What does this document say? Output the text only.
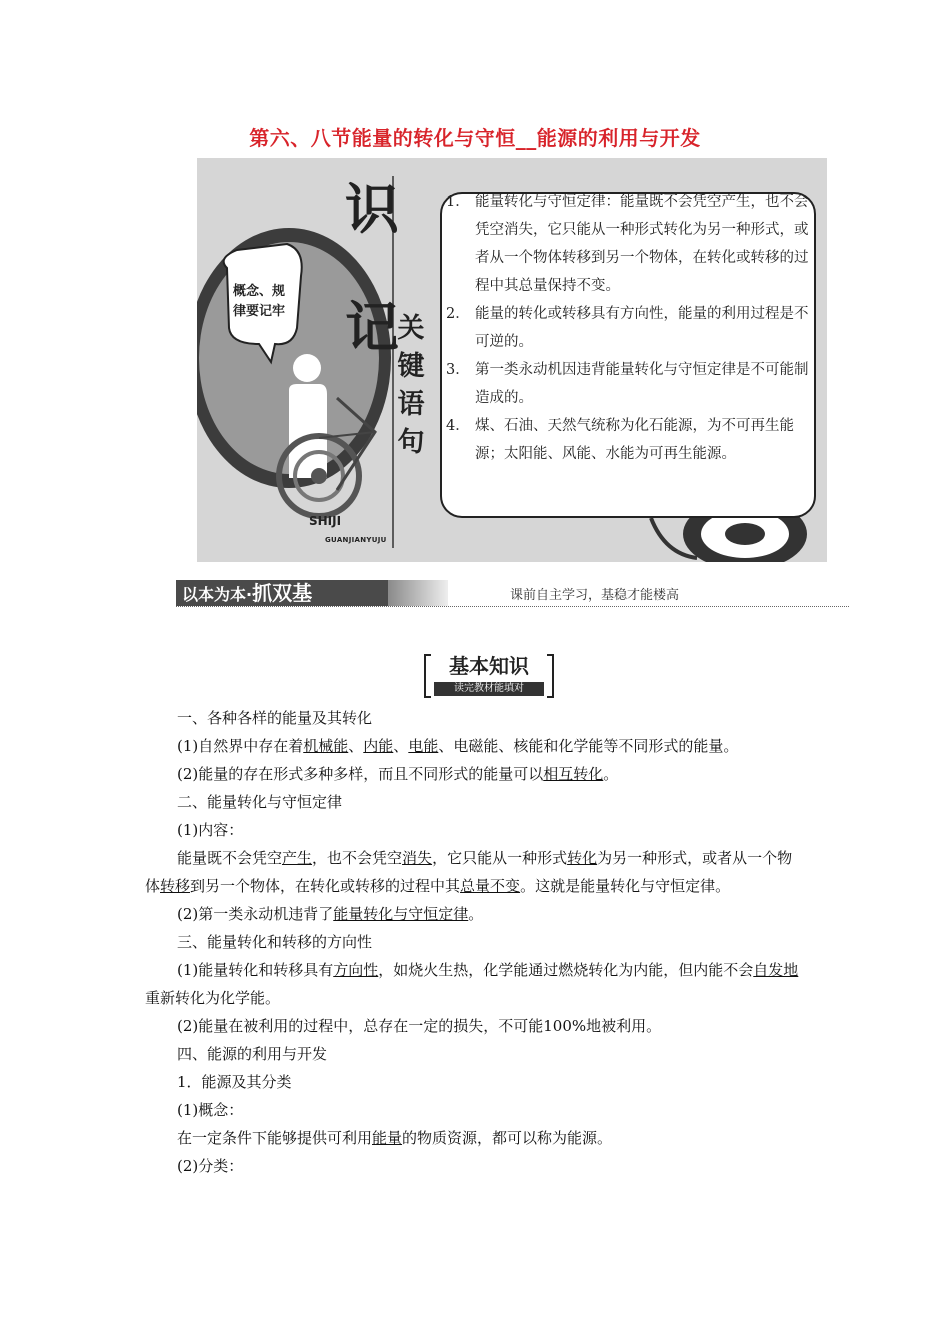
第六、八节能量的转化与守恒__能源的利用与开发
概念、规律要记牢
识
记
关
键
语
句
SHIJI
GUANJIANYUJU
1． 能量转化与守恒定律：能量既不会凭空产生，也不会凭空消失，它只能从一种形式转化为另一种形式，或者从一个物体转移到另一个物体，在转化或转移的过程中其总量保持不变。
2． 能量的转化或转移具有方向性，能量的利用过程是不可逆的。
3． 第一类永动机因违背能量转化与守恒定律是不可能制造成的。
4． 煤、石油、天然气统称为化石能源，为不可再生能源；太阳能、风能、水能为可再生能源。
以本为本·抓双基	课前自主学习，基稳才能楼高
基本知识
读完教材能填对

一、各种各样的能量及其转化

(1)自然界中存在着机械能、内能、电能、电磁能、核能和化学能等不同形式的能量。

(2)能量的存在形式多种多样，而且不同形式的能量可以相互转化。

二、能量转化与守恒定律

(1)内容：

能量既不会凭空产生，也不会凭空消失，它只能从一种形式转化为另一种形式，或者从一个物体转移到另一个物体，在转化或转移的过程中其总量不变。这就是能量转化与守恒定律。

(2)第一类永动机违背了能量转化与守恒定律。

三、能量转化和转移的方向性

(1)能量转化和转移具有方向性，如烧火生热，化学能通过燃烧转化为内能，但内能不会自发地重新转化为化学能。

(2)能量在被利用的过程中，总存在一定的损失，不可能100%地被利用。

四、能源的利用与开发

1．能源及其分类

(1)概念：

在一定条件下能够提供可利用能量的物质资源，都可以称为能源。

(2)分类：
